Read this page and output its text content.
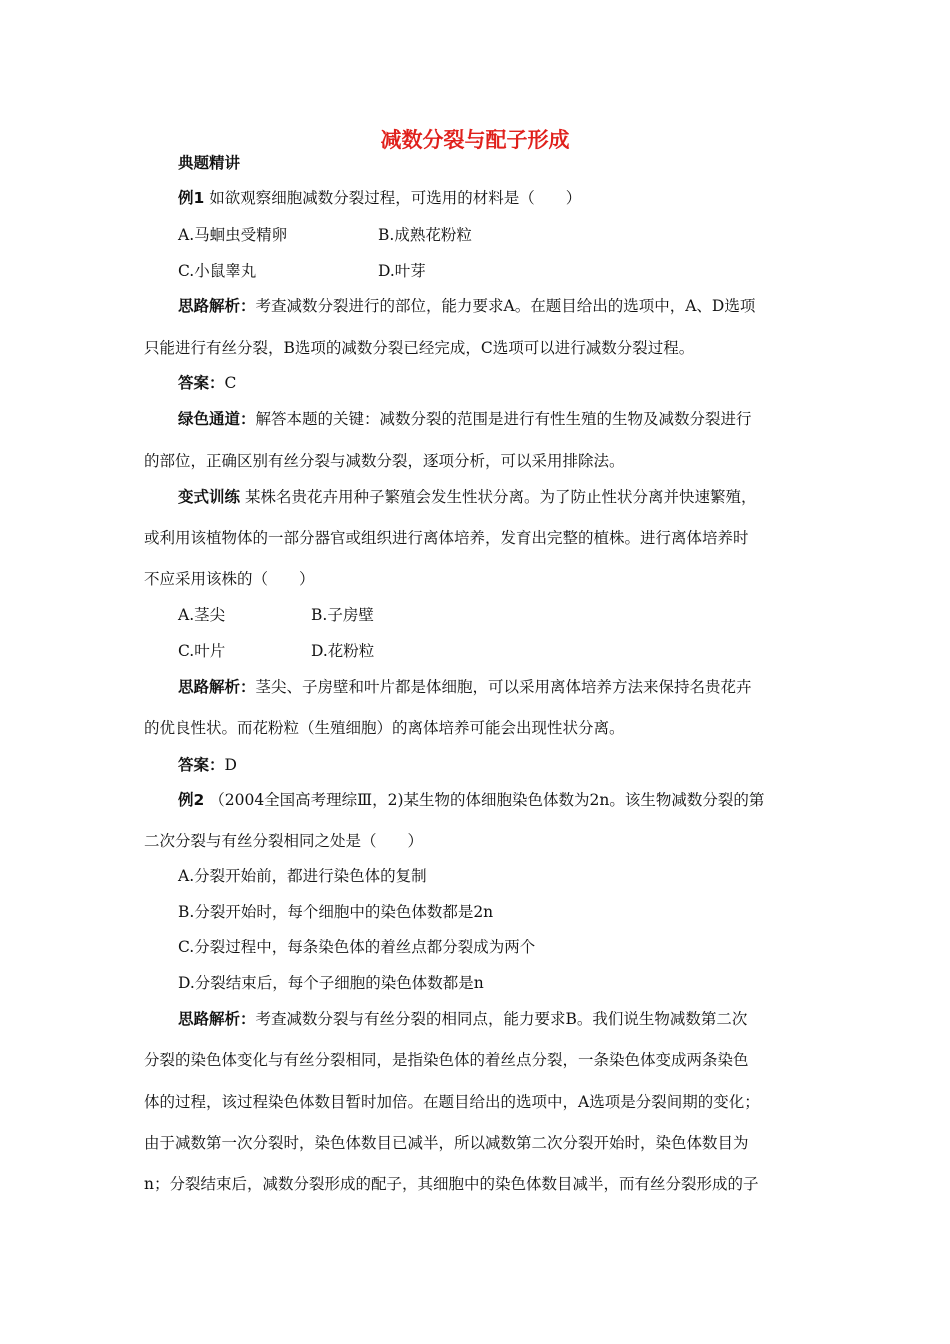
减数分裂与配子形成
典题精讲
例1 如欲观察细胞减数分裂过程，可选用的材料是（　　）
A.马蛔虫受精卵	B.成熟花粉粒
C.小鼠睾丸	D.叶芽
思路解析：考查减数分裂进行的部位，能力要求A。在题目给出的选项中，A、D选项
只能进行有丝分裂，B选项的减数分裂已经完成，C选项可以进行减数分裂过程。
答案：C
绿色通道：解答本题的关键：减数分裂的范围是进行有性生殖的生物及减数分裂进行
的部位，正确区别有丝分裂与减数分裂，逐项分析，可以采用排除法。
变式训练 某株名贵花卉用种子繁殖会发生性状分离。为了防止性状分离并快速繁殖，
或利用该植物体的一部分器官或组织进行离体培养，发育出完整的植株。进行离体培养时
不应采用该株的（　　）
A.茎尖	B.子房壁
C.叶片	D.花粉粒
思路解析：茎尖、子房壁和叶片都是体细胞，可以采用离体培养方法来保持名贵花卉
的优良性状。而花粉粒（生殖细胞）的离体培养可能会出现性状分离。
答案：D
例2 （2004全国高考理综Ⅲ，2)某生物的体细胞染色体数为2n。该生物减数分裂的第
二次分裂与有丝分裂相同之处是（　　）
A.分裂开始前，都进行染色体的复制
B.分裂开始时，每个细胞中的染色体数都是2n
C.分裂过程中，每条染色体的着丝点都分裂成为两个
D.分裂结束后，每个子细胞的染色体数都是n
思路解析：考查减数分裂与有丝分裂的相同点，能力要求B。我们说生物减数第二次
分裂的染色体变化与有丝分裂相同，是指染色体的着丝点分裂，一条染色体变成两条染色
体的过程，该过程染色体数目暂时加倍。在题目给出的选项中，A选项是分裂间期的变化；
由于减数第一次分裂时，染色体数目已减半，所以减数第二次分裂开始时，染色体数目为
n；分裂结束后，减数分裂形成的配子，其细胞中的染色体数目减半，而有丝分裂形成的子
